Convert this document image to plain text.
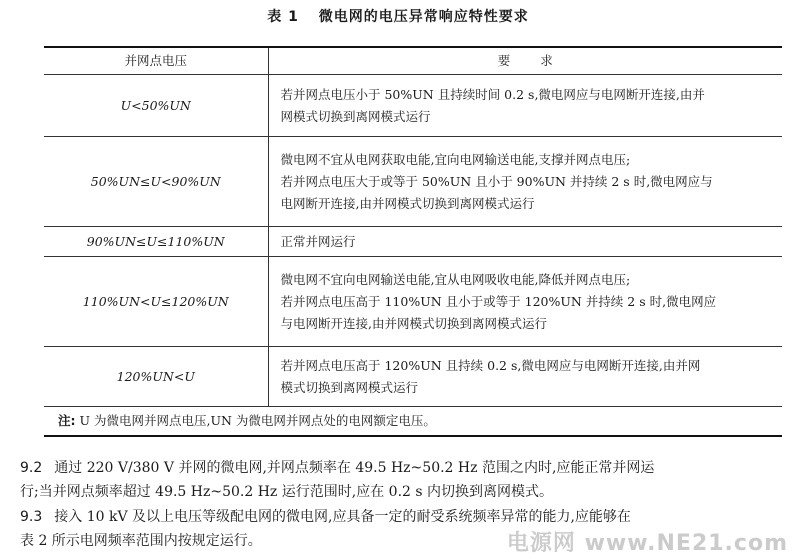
表 1 微电网的电压异常响应特性要求
并网点电压	要求
U<50%UN	若并网点电压小于 50%UN 且持续时间 0.2 s,微电网应与电网断开连接,由并
网模式切换到离网模式运行

50%UN≤U<90%UN	微电网不宜从电网获取电能,宜向电网输送电能,支撑并网点电压;
若并网点电压大于或等于 50%UN 且小于 90%UN 并持续 2 s 时,微电网应与
电网断开连接,由并网模式切换到离网模式运行

90%UN≤U≤110%UN	正常并网运行

110%UN<U≤120%UN	微电网不宜向电网输送电能,宜从电网吸收电能,降低并网点电压;
若并网点电压高于 110%UN 且小于或等于 120%UN 并持续 2 s 时,微电网应
与电网断开连接,由并网模式切换到离网模式运行

120%UN<U	若并网点电压高于 120%UN 且持续 0.2 s,微电网应与电网断开连接,由并网
模式切换到离网模式运行

注: U 为微电网并网点电压,UN 为微电网并网点处的电网额定电压。	
9.2 通过 220 V/380 V 并网的微电网,并网点频率在 49.5 Hz~50.2 Hz 范围之内时,应能正常并网运
行;当并网点频率超过 49.5 Hz~50.2 Hz 运行范围时,应在 0.2 s 内切换到离网模式。
9.3 接入 10 kV 及以上电压等级配电网的微电网,应具备一定的耐受系统频率异常的能力,应能够在
表 2 所示电网频率范围内按规定运行。	电源网 www.NE21.com
